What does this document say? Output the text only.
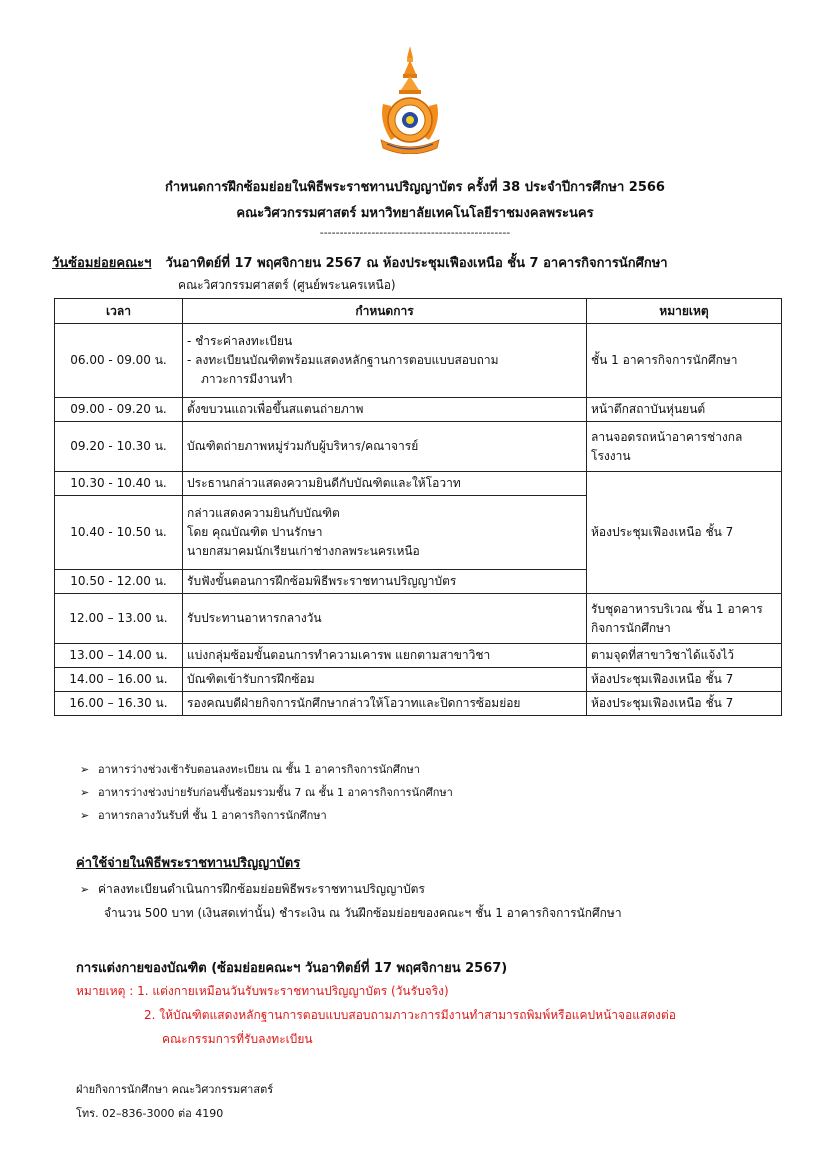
กำหนดการฝึกซ้อมย่อยในพิธีพระราชทานปริญญาบัตร ครั้งที่ 38 ประจำปีการศึกษา 2566
คณะวิศวกรรมศาสตร์ มหาวิทยาลัยเทคโนโลยีราชมงคลพระนคร
------------------------------------------------
วันซ้อมย่อยคณะฯ วันอาทิตย์ที่ 17 พฤศจิกายน 2567 ณ ห้องประชุมเฟืองเหนือ ชั้น 7 อาคารกิจการนักศึกษา
คณะวิศวกรรมศาสตร์ (ศูนย์พระนครเหนือ)
เวลา	กำหนดการ	หมายเหตุ
06.00 - 09.00 น.	- ชำระค่าลงทะเบียน
- ลงทะเบียนบัณฑิตพร้อมแสดงหลักฐานการตอบแบบสอบถาม
ภาวะการมีงานทำ	ชั้น 1 อาคารกิจการนักศึกษา
09.00 - 09.20 น.	ตั้งขบวนแถวเพื่อขึ้นสแตนถ่ายภาพ	หน้าตึกสถาบันหุ่นยนต์
09.20 - 10.30 น.	บัณฑิตถ่ายภาพหมู่ร่วมกับผู้บริหาร/คณาจารย์	ลานจอดรถหน้าอาคารช่างกล โรงงาน
10.30 - 10.40 น.	ประธานกล่าวแสดงความยินดีกับบัณฑิตและให้โอวาท	ห้องประชุมเฟืองเหนือ ชั้น 7
10.40 - 10.50 น.	กล่าวแสดงความยินกับบัณฑิต
โดย คุณบัณฑิต ปานรักษา
นายกสมาคมนักเรียนเก่าช่างกลพระนครเหนือ	

10.50 - 12.00 น.	รับฟังขั้นตอนการฝึกซ้อมพิธีพระราชทานปริญญาบัตร	
12.00 – 13.00 น.	รับประทานอาหารกลางวัน	รับชุดอาหารบริเวณ ชั้น 1 อาคารกิจการนักศึกษา
13.00 – 14.00 น.	แบ่งกลุ่มซ้อมขั้นตอนการทำความเคารพ แยกตามสาขาวิชา	ตามจุดที่สาขาวิชาได้แจ้งไว้
14.00 – 16.00 น.	บัณฑิตเข้ารับการฝึกซ้อม	ห้องประชุมเฟืองเหนือ ชั้น 7
16.00 – 16.30 น.	รองคณบดีฝ่ายกิจการนักศึกษากล่าวให้โอวาทและปิดการซ้อมย่อย	ห้องประชุมเฟืองเหนือ ชั้น 7
➢ อาหารว่างช่วงเช้ารับตอนลงทะเบียน ณ ชั้น 1 อาคารกิจการนักศึกษา
➢ อาหารว่างช่วงบ่ายรับก่อนขึ้นซ้อมรวมชั้น 7 ณ ชั้น 1 อาคารกิจการนักศึกษา
➢ อาหารกลางวันรับที่ ชั้น 1 อาคารกิจการนักศึกษา
ค่าใช้จ่ายในพิธีพระราชทานปริญญาบัตร
➢ ค่าลงทะเบียนดำเนินการฝึกซ้อมย่อยพิธีพระราชทานปริญญาบัตร
จำนวน 500 บาท (เงินสดเท่านั้น) ชำระเงิน ณ วันฝึกซ้อมย่อยของคณะฯ ชั้น 1 อาคารกิจการนักศึกษา
การแต่งกายของบัณฑิต (ซ้อมย่อยคณะฯ วันอาทิตย์ที่ 17 พฤศจิกายน 2567)
หมายเหตุ : 1. แต่งกายเหมือนวันรับพระราชทานปริญญาบัตร (วันรับจริง)
2. ให้บัณฑิตแสดงหลักฐานการตอบแบบสอบถามภาวะการมีงานทำสามารถพิมพ์หรือแคปหน้าจอแสดงต่อ
คณะกรรมการที่รับลงทะเบียน
ฝ่ายกิจการนักศึกษา คณะวิศวกรรมศาสตร์
โทร. 02–836-3000 ต่อ 4190
